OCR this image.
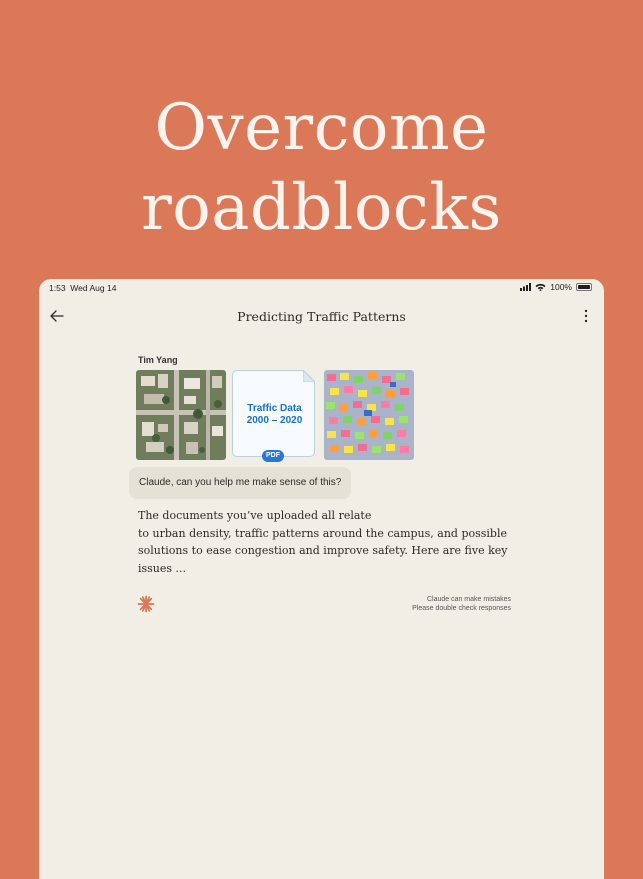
Overcome
roadblocks
1:53 Wed Aug 14	100%
Predicting Traffic Patterns
Tim Yang
Traffic Data
2000 – 2020
PDF
Claude, can you help me make sense of this?
The documents you’ve uploaded all relate
to urban density, traffic patterns around the campus, and possible
solutions to ease congestion and improve safety. Here are five key
issues ...
Claude can make mistakes
Please double check responses
